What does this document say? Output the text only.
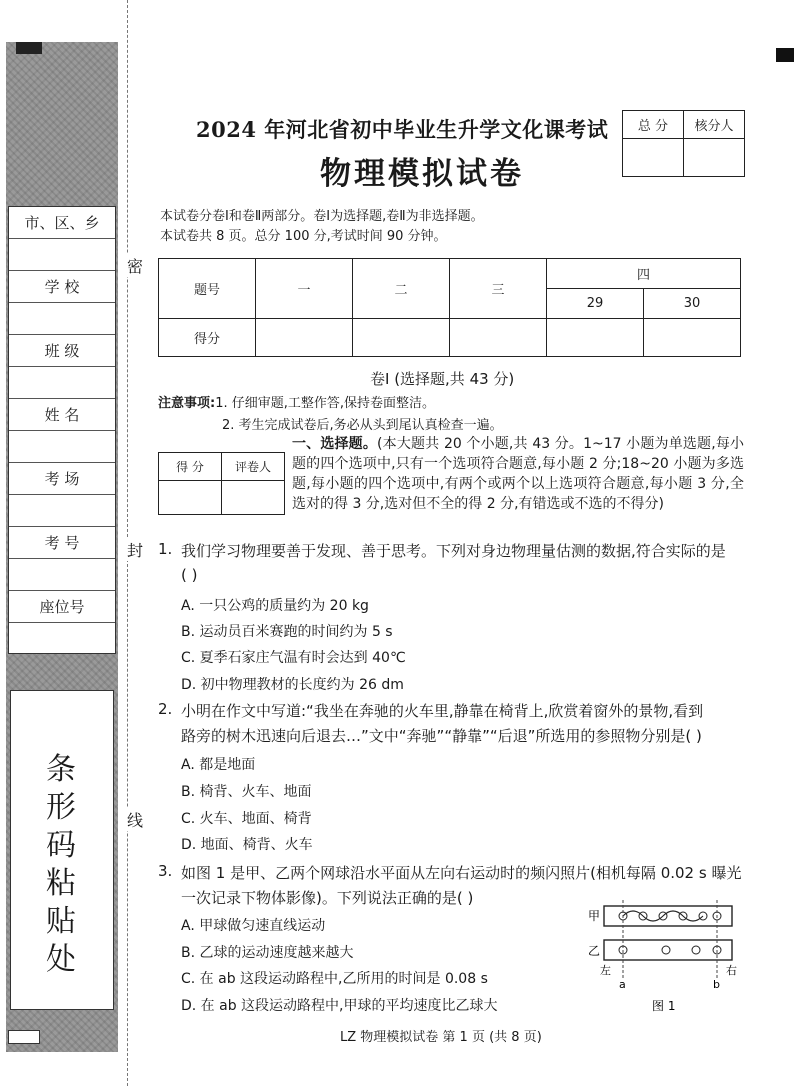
市、区、乡
学 校
班 级
姓 名
考 场
考 号
座位号
条形码粘贴处
密
封
线
2024 年河北省初中毕业生升学文化课考试
物理模拟试卷
总 分	核分人

本试卷分卷Ⅰ和卷Ⅱ两部分。卷Ⅰ为选择题,卷Ⅱ为非选择题。
本试卷共 8 页。总分 100 分,考试时间 90 分钟。
题号	一	二	三	四	
				29	30
得分					
卷Ⅰ (选择题,共 43 分)
注意事项:1. 仔细审题,工整作答,保持卷面整洁。
2. 考生完成试卷后,务必从头到尾认真检查一遍。
得 分	评卷人

一、选择题。(本大题共 20 个小题,共 43 分。1~17 小题为单选题,每小题的四个选项中,只有一个选项符合题意,每小题 2 分;18~20 小题为多选题,每小题的四个选项中,有两个或两个以上选项符合题意,每小题 3 分,全选对的得 3 分,选对但不全的得 2 分,有错选或不选的不得分)
1. 我们学习物理要善于发现、善于思考。下列对身边物理量估测的数据,符合实际的是
( )
A. 一只公鸡的质量约为 20 kg
B. 运动员百米赛跑的时间约为 5 s
C. 夏季石家庄气温有时会达到 40℃
D. 初中物理教材的长度约为 26 dm
2. 小明在作文中写道:“我坐在奔驰的火车里,静靠在椅背上,欣赏着窗外的景物,看到
路旁的树木迅速向后退去…”文中“奔驰”“静靠”“后退”所选用的参照物分别是( )
A. 都是地面
B. 椅背、火车、地面
C. 火车、地面、椅背
D. 地面、椅背、火车
3. 如图 1 是甲、乙两个网球沿水平面从左向右运动时的频闪照片(相机每隔 0.02 s 曝光
一次记录下物体影像)。下列说法正确的是( )
A. 甲球做匀速直线运动
B. 乙球的运动速度越来越大
C. 在 ab 这段运动路程中,乙所用的时间是 0.08 s
D. 在 ab 这段运动路程中,甲球的平均速度比乙球大
甲
乙
左	右
a	b
图 1
LZ 物理模拟试卷 第 1 页 (共 8 页)
